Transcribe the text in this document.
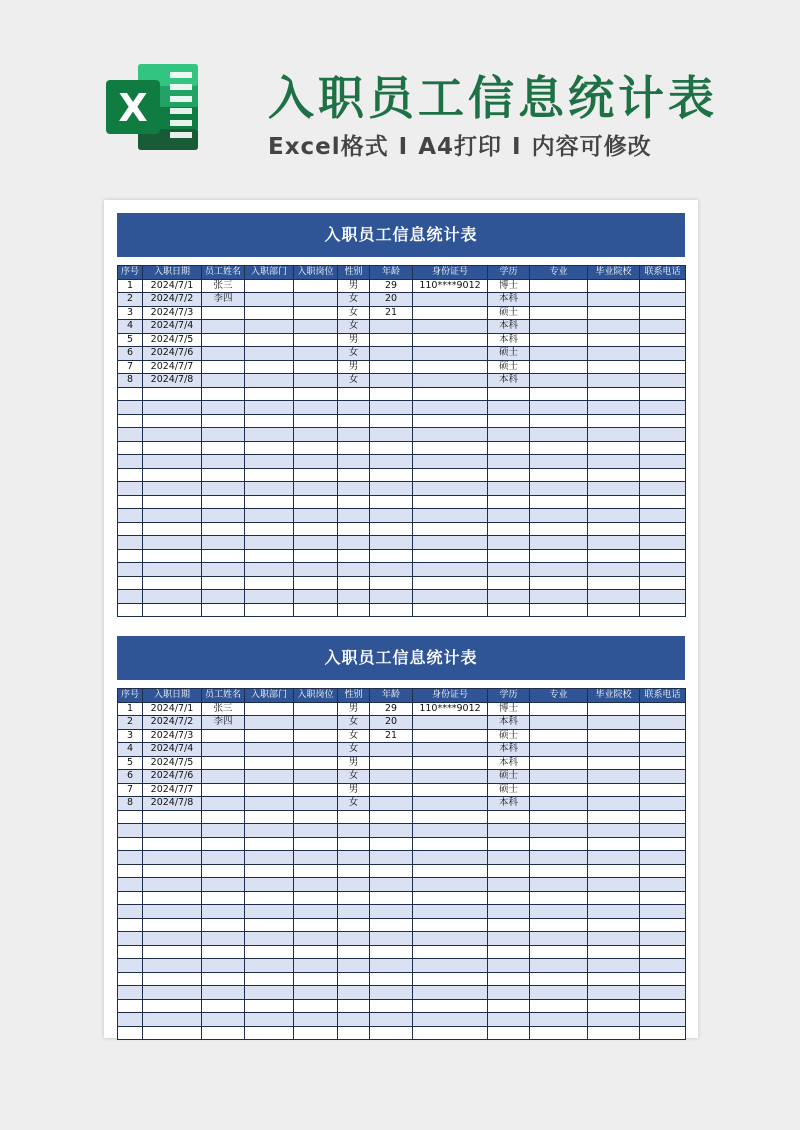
X	入职员工信息统计表
Excel格式 I A4打印 I 内容可修改
入职员工信息统计表
序号	入职日期	员工姓名	入职部门	入职岗位	性别	年龄	身份证号	学历	专业	毕业院校	联系电话
1	2024/7/1	张三			男	29	110****9012	博士			
2	2024/7/2	李四			女	20		本科			
3	2024/7/3				女	21		硕士			
4	2024/7/4				女			本科			
5	2024/7/5				男			本科			
6	2024/7/6				女			硕士			
7	2024/7/7				男			硕士			
8	2024/7/8				女			本科			

入职员工信息统计表
序号	入职日期	员工姓名	入职部门	入职岗位	性别	年龄	身份证号	学历	专业	毕业院校	联系电话
1	2024/7/1	张三			男	29	110****9012	博士			
2	2024/7/2	李四			女	20		本科			
3	2024/7/3				女	21		硕士			
4	2024/7/4				女			本科			
5	2024/7/5				男			本科			
6	2024/7/6				女			硕士			
7	2024/7/7				男			硕士			
8	2024/7/8				女			本科			
